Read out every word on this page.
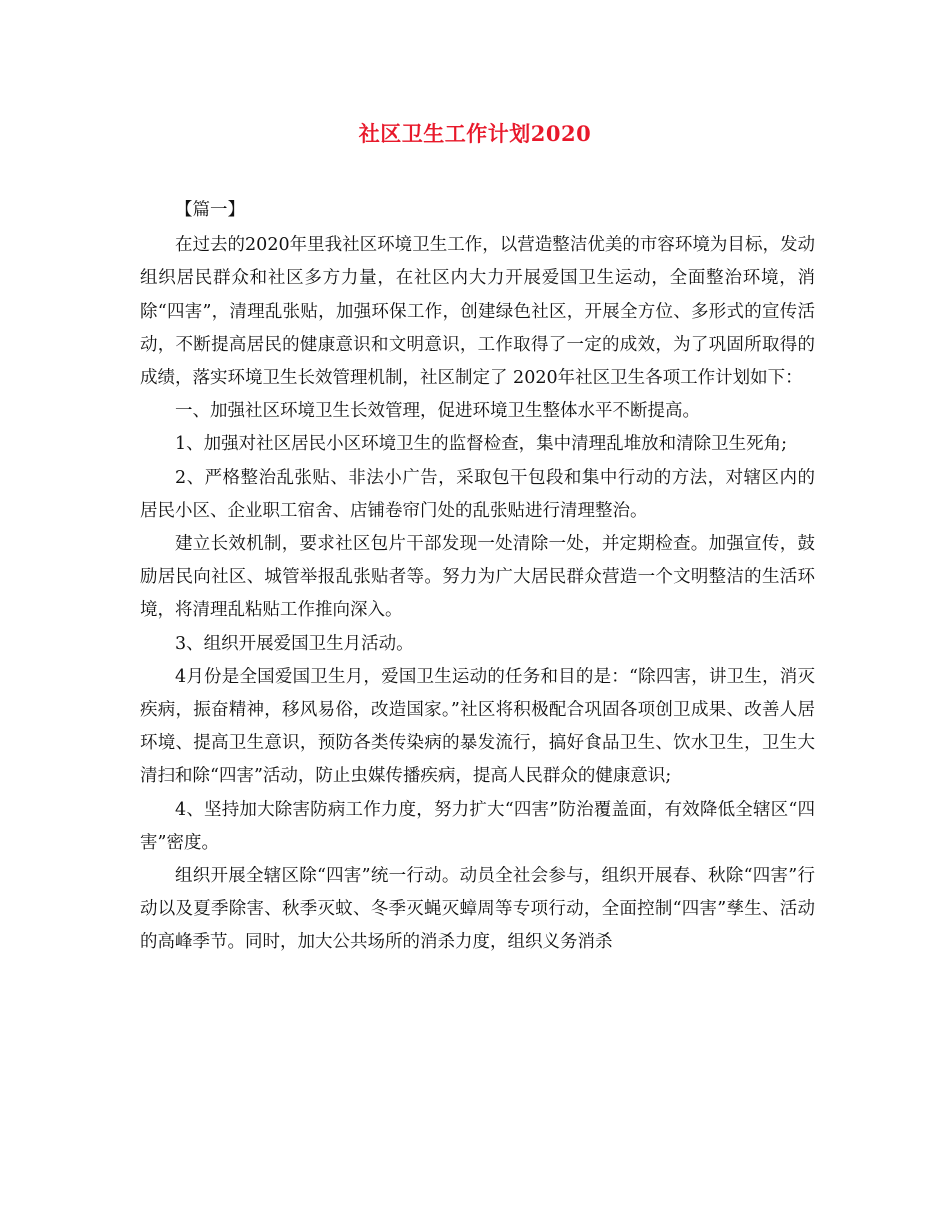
社区卫生工作计划2020

【篇一】

在过去的2020年里我社区环境卫生工作，以营造整洁优美的市容环境为目标，发动组织居民群众和社区多方力量，在社区内大力开展爱国卫生运动，全面整治环境，消除“四害”，清理乱张贴，加强环保工作，创建绿色社区，开展全方位、多形式的宣传活动，不断提高居民的健康意识和文明意识，工作取得了一定的成效，为了巩固所取得的成绩，落实环境卫生长效管理机制，社区制定了 2020年社区卫生各项工作计划如下：

一、加强社区环境卫生长效管理，促进环境卫生整体水平不断提高。

1、加强对社区居民小区环境卫生的监督检查，集中清理乱堆放和清除卫生死角;

2、严格整治乱张贴、非法小广告，采取包干包段和集中行动的方法，对辖区内的居民小区、企业职工宿舍、店铺卷帘门处的乱张贴进行清理整治。

建立长效机制，要求社区包片干部发现一处清除一处，并定期检查。加强宣传，鼓励居民向社区、城管举报乱张贴者等。努力为广大居民群众营造一个文明整洁的生活环境，将清理乱粘贴工作推向深入。

3、组织开展爱国卫生月活动。

4月份是全国爱国卫生月，爱国卫生运动的任务和目的是：“除四害，讲卫生，消灭疾病，振奋精神，移风易俗，改造国家。”社区将积极配合巩固各项创卫成果、改善人居环境、提高卫生意识，预防各类传染病的暴发流行，搞好食品卫生、饮水卫生，卫生大清扫和除“四害”活动，防止虫媒传播疾病，提高人民群众的健康意识;

4、坚持加大除害防病工作力度，努力扩大“四害”防治覆盖面，有效降低全辖区“四害”密度。

组织开展全辖区除“四害”统一行动。动员全社会参与，组织开展春、秋除“四害”行动以及夏季除害、秋季灭蚊、冬季灭蝇灭蟑周等专项行动，全面控制“四害”孳生、活动的高峰季节。同时，加大公共场所的消杀力度，组织义务消杀
